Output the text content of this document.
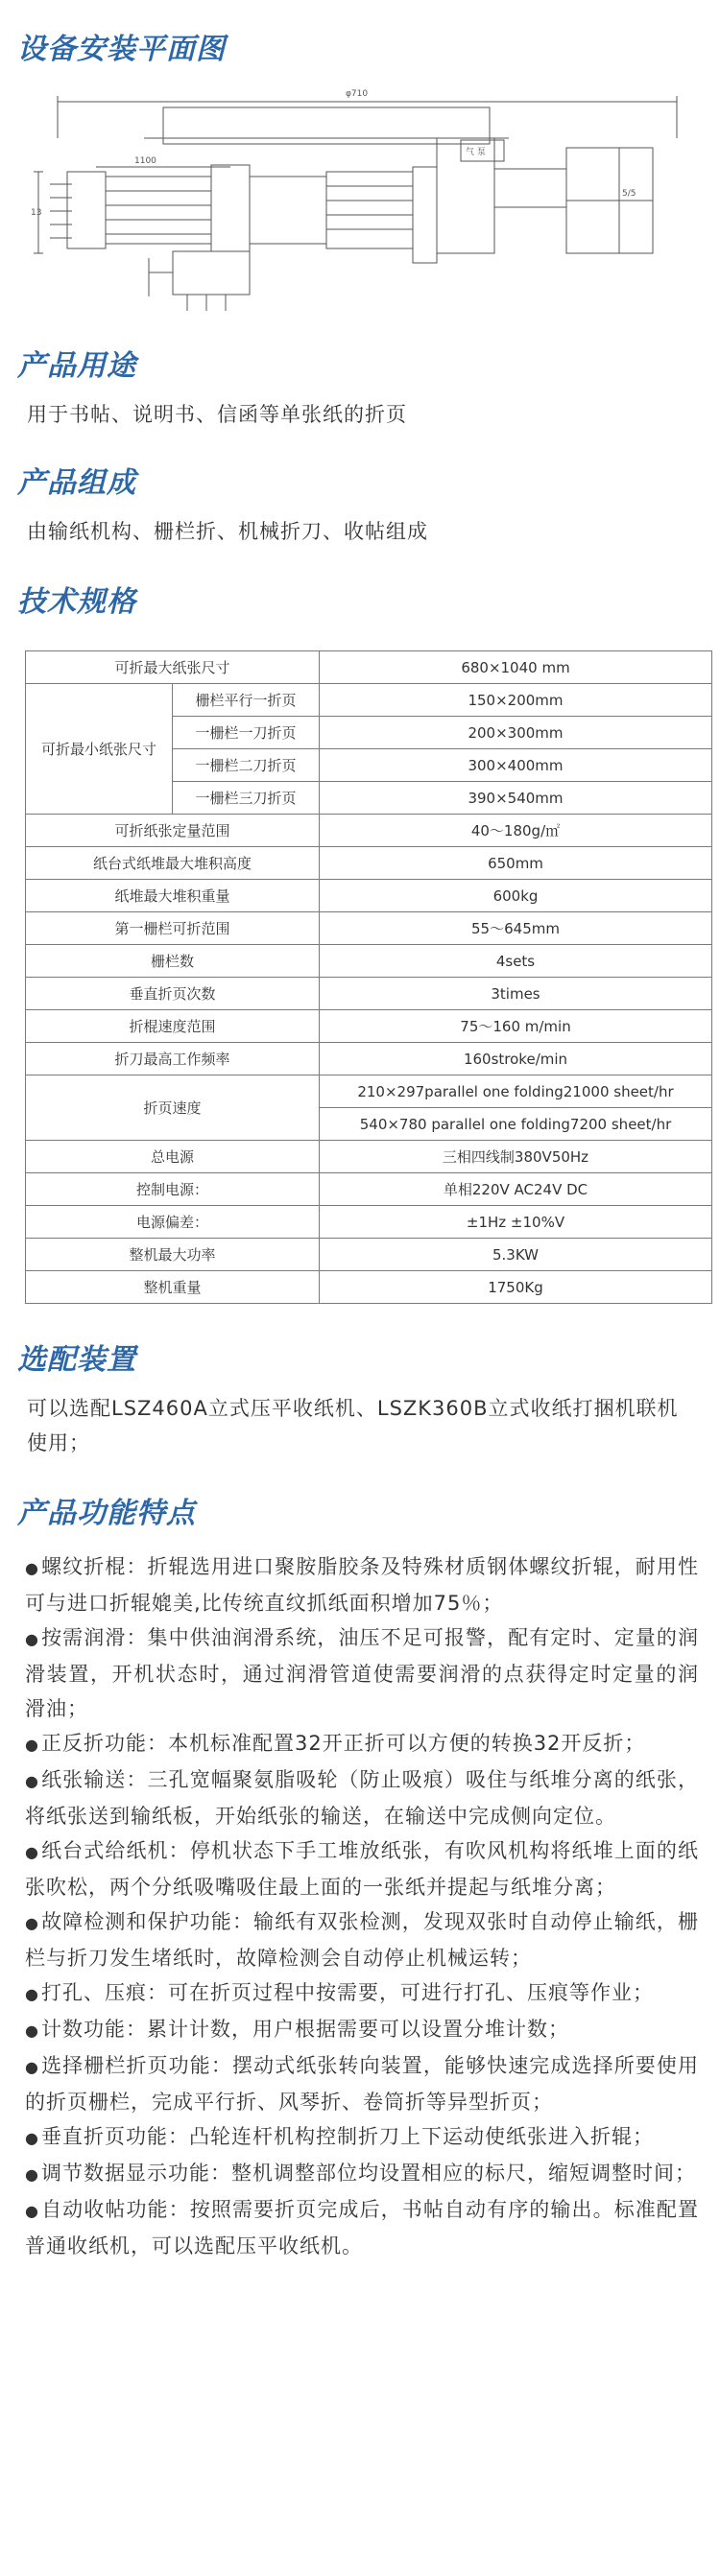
设备安装平面图
φ710
1100
13
5/5
气 泵
产品用途
用于书帖、说明书、信函等单张纸的折页
产品组成
由输纸机构、栅栏折、机械折刀、收帖组成
技术规格
可折最大纸张尺寸		680×1040 mm
可折最小纸张尺寸	栅栏平行一折页	150×200mm
	一栅栏一刀折页	200×300mm
	一栅栏二刀折页	300×400mm
	一栅栏三刀折页	390×540mm
可折纸张定量范围		40～180g/㎡
纸台式纸堆最大堆积高度		650mm
纸堆最大堆积重量		600kg
第一栅栏可折范围		55～645mm
栅栏数		4sets
垂直折页次数		3times
折棍速度范围		75～160 m/min
折刀最高工作频率		160stroke/min
折页速度		210×297parallel one folding21000 sheet/hr
		540×780 parallel one folding7200 sheet/hr
总电源		三相四线制380V50Hz
控制电源：		单相220V AC24V DC
电源偏差：		±1Hz ±10%V
整机最大功率		5.3KW
整机重量		1750Kg
选配装置
可以选配LSZ460A立式压平收纸机、LSZK360B立式收纸打捆机联机使用；
产品功能特点
●螺纹折棍：折辊选用进口聚胺脂胶条及特殊材质钢体螺纹折辊，耐用性可与进口折辊媲美,比传统直纹抓纸面积增加75％；
●按需润滑：集中供油润滑系统，油压不足可报警，配有定时、定量的润滑装置，开机状态时，通过润滑管道使需要润滑的点获得定时定量的润滑油；
●正反折功能：本机标准配置32开正折可以方便的转换32开反折；
●纸张输送：三孔宽幅聚氨脂吸轮（防止吸痕）吸住与纸堆分离的纸张，将纸张送到输纸板，开始纸张的输送，在输送中完成侧向定位。
●纸台式给纸机：停机状态下手工堆放纸张，有吹风机构将纸堆上面的纸张吹松，两个分纸吸嘴吸住最上面的一张纸并提起与纸堆分离；
●故障检测和保护功能：输纸有双张检测，发现双张时自动停止输纸，栅栏与折刀发生堵纸时，故障检测会自动停止机械运转；
●打孔、压痕：可在折页过程中按需要，可进行打孔、压痕等作业；
●计数功能：累计计数，用户根据需要可以设置分堆计数；
●选择栅栏折页功能：摆动式纸张转向装置，能够快速完成选择所要使用的折页栅栏，完成平行折、风琴折、卷筒折等异型折页；
●垂直折页功能：凸轮连杆机构控制折刀上下运动使纸张进入折辊；
●调节数据显示功能：整机调整部位均设置相应的标尺，缩短调整时间；
●自动收帖功能：按照需要折页完成后，书帖自动有序的输出。标准配置普通收纸机，可以选配压平收纸机。
